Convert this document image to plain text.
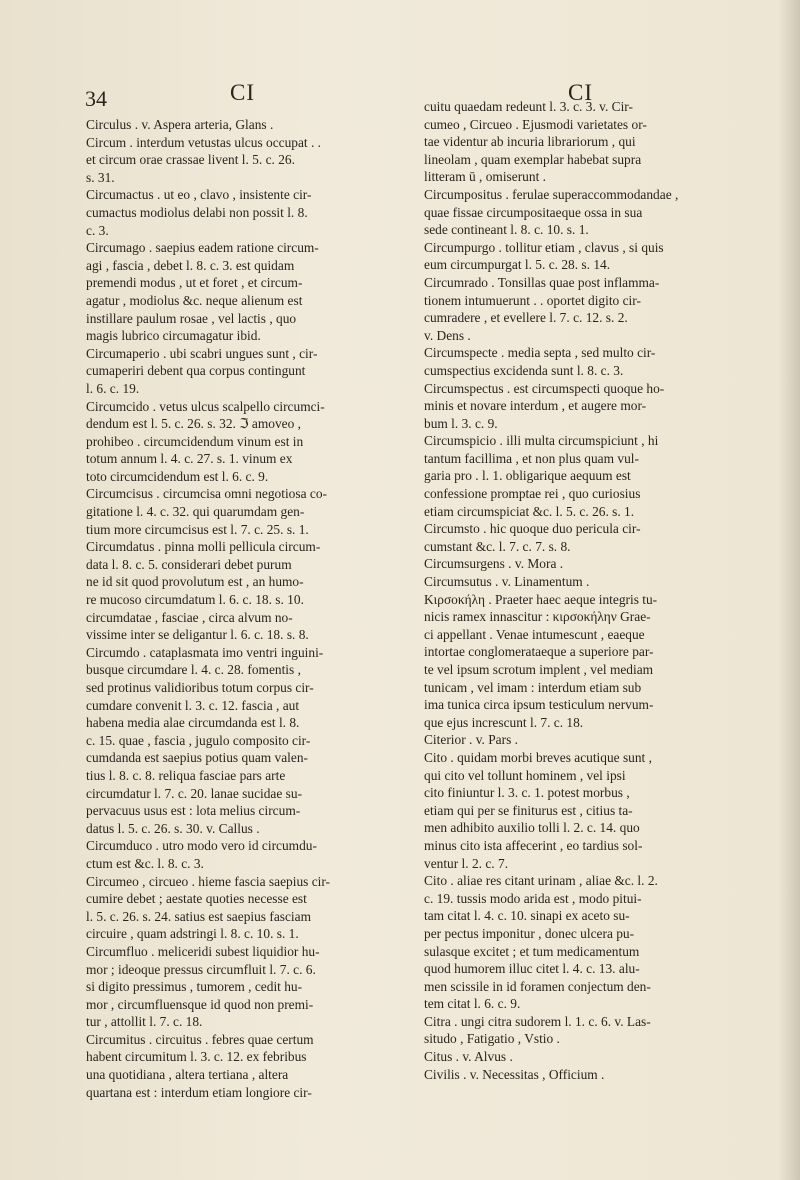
34	CI	CI
Circulus . v. Aspera arteria, Glans .
Circum . interdum vetustas ulcus occupat . .
et circum orae crassae livent l. 5. c. 26.
s. 31.
Circumactus . ut eo , clavo , insistente cir-
cumactus modiolus delabi non possit l. 8.
c. 3.
Circumago . saepius eadem ratione circum-
agi , fascia , debet l. 8. c. 3. est quidam
premendi modus , ut et foret , et circum-
agatur , modiolus &c. neque alienum est
instillare paulum rosae , vel lactis , quo
magis lubrico circumagatur ibid.
Circumaperio . ubi scabri ungues sunt , cir-
cumaperiri debent qua corpus contingunt
l. 6. c. 19.
Circumcido . vetus ulcus scalpello circumci-
dendum est l. 5. c. 26. s. 32. ℑ amoveo ,
prohibeo . circumcidendum vinum est in
totum annum l. 4. c. 27. s. 1. vinum ex
toto circumcidendum est l. 6. c. 9.
Circumcisus . circumcisa omni negotiosa co-
gitatione l. 4. c. 32. qui quarumdam gen-
tium more circumcisus est l. 7. c. 25. s. 1.
Circumdatus . pinna molli pellicula circum-
data l. 8. c. 5. considerari debet purum
ne id sit quod provolutum est , an humo-
re mucoso circumdatum l. 6. c. 18. s. 10.
circumdatae , fasciae , circa alvum no-
vissime inter se deligantur l. 6. c. 18. s. 8.
Circumdo . cataplasmata imo ventri inguini-
busque circumdare l. 4. c. 28. fomentis ,
sed protinus validioribus totum corpus cir-
cumdare convenit l. 3. c. 12. fascia , aut
habena media alae circumdanda est l. 8.
c. 15. quae , fascia , jugulo composito cir-
cumdanda est saepius potius quam valen-
tius l. 8. c. 8. reliqua fasciae pars arte
circumdatur l. 7. c. 20. lanae sucidae su-
pervacuus usus est : lota melius circum-
datus l. 5. c. 26. s. 30. v. Callus .
Circumduco . utro modo vero id circumdu-
ctum est &c. l. 8. c. 3.
Circumeo , circueo . hieme fascia saepius cir-
cumire debet ; aestate quoties necesse est
l. 5. c. 26. s. 24. satius est saepius fasciam
circuire , quam adstringi l. 8. c. 10. s. 1.
Circumfluo . meliceridi subest liquidior hu-
mor ; ideoque pressus circumfluit l. 7. c. 6.
si digito pressimus , tumorem , cedit hu-
mor , circumfluensque id quod non premi-
tur , attollit l. 7. c. 18.
Circumitus . circuitus . febres quae certum
habent circumitum l. 3. c. 12. ex febribus
una quotidiana , altera tertiana , altera
quartana est : interdum etiam longiore cir-
cuitu quaedam redeunt l. 3. c. 3. v. Cir-
cumeo , Circueo . Ejusmodi varietates or-
tae videntur ab incuria librariorum , qui
lineolam , quam exemplar habebat supra
litteram ū , omiserunt .
Circumpositus . ferulae superaccommodandae ,
quae fissae circumpositaeque ossa in sua
sede contineant l. 8. c. 10. s. 1.
Circumpurgo . tollitur etiam , clavus , si quis
eum circumpurgat l. 5. c. 28. s. 14.
Circumrado . Tonsillas quae post inflamma-
tionem intumuerunt . . oportet digito cir-
cumradere , et evellere l. 7. c. 12. s. 2.
v. Dens .
Circumspecte . media septa , sed multo cir-
cumspectius excidenda sunt l. 8. c. 3.
Circumspectus . est circumspecti quoque ho-
minis et novare interdum , et augere mor-
bum l. 3. c. 9.
Circumspicio . illi multa circumspiciunt , hi
tantum facillima , et non plus quam vul-
garia pro . l. 1. obligarique aequum est
confessione promptae rei , quo curiosius
etiam circumspiciat &c. l. 5. c. 26. s. 1.
Circumsto . hic quoque duo pericula cir-
cumstant &c. l. 7. c. 7. s. 8.
Circumsurgens . v. Mora .
Circumsutus . v. Linamentum .
Κιρσοκήλη . Praeter haec aeque integris tu-
nicis ramex innascitur : κιρσοκήλην Grae-
ci appellant . Venae intumescunt , eaeque
intortae conglomerataeque a superiore par-
te vel ipsum scrotum implent , vel mediam
tunicam , vel imam : interdum etiam sub
ima tunica circa ipsum testiculum nervum-
que ejus increscunt l. 7. c. 18.
Citerior . v. Pars .
Cito . quidam morbi breves acutique sunt ,
qui cito vel tollunt hominem , vel ipsi
cito finiuntur l. 3. c. 1. potest morbus ,
etiam qui per se finiturus est , citius ta-
men adhibito auxilio tolli l. 2. c. 14. quo
minus cito ista affecerint , eo tardius sol-
ventur l. 2. c. 7.
Cito . aliae res citant urinam , aliae &c. l. 2.
c. 19. tussis modo arida est , modo pitui-
tam citat l. 4. c. 10. sinapi ex aceto su-
per pectus imponitur , donec ulcera pu-
sulasque excitet ; et tum medicamentum
quod humorem illuc citet l. 4. c. 13. alu-
men scissile in id foramen conjectum den-
tem citat l. 6. c. 9.
Citra . ungi citra sudorem l. 1. c. 6. v. Las-
situdo , Fatigatio , Vstio .
Citus . v. Alvus .
Civilis . v. Necessitas , Officium .
